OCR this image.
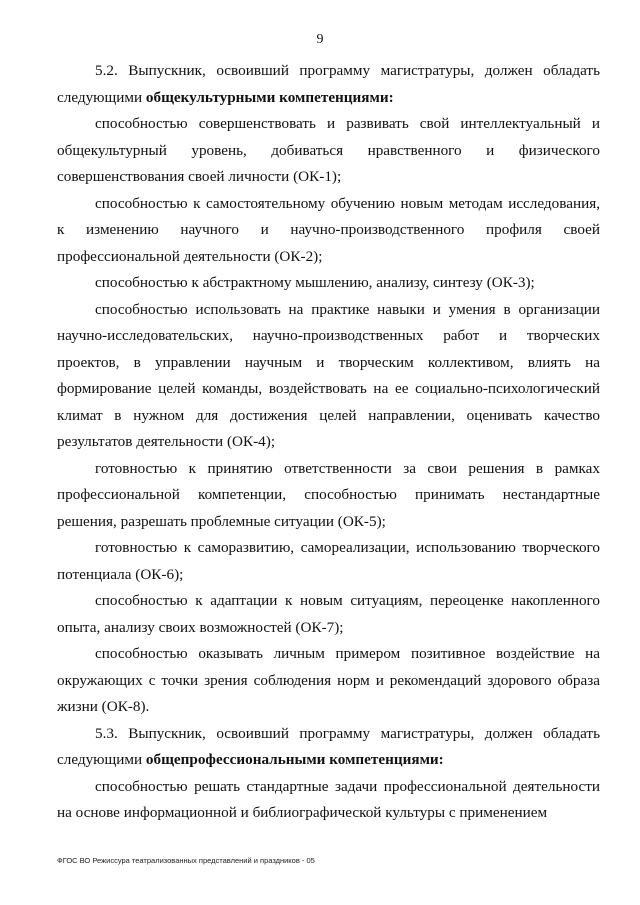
9

5.2. Выпускник, освоивший программу магистратуры, должен обладать следующими общекультурными компетенциями:

способностью совершенствовать и развивать свой интеллектуальный и общекультурный уровень, добиваться нравственного и физического совершенствования своей личности (ОК-1);

способностью к самостоятельному обучению новым методам исследования, к изменению научного и научно-производственного профиля своей профессиональной деятельности (ОК-2);

способностью к абстрактному мышлению, анализу, синтезу (ОК-3);

способностью использовать на практике навыки и умения в организации научно-исследовательских, научно-производственных работ и творческих проектов, в управлении научным и творческим коллективом, влиять на формирование целей команды, воздействовать на ее социально-психологический климат в нужном для достижения целей направлении, оценивать качество результатов деятельности (ОК-4);

готовностью к принятию ответственности за свои решения в рамках профессиональной компетенции, способностью принимать нестандартные решения, разрешать проблемные ситуации (ОК-5);

готовностью к саморазвитию, самореализации, использованию творческого потенциала (ОК-6);

способностью к адаптации к новым ситуациям, переоценке накопленного опыта, анализу своих возможностей (ОК-7);

способностью оказывать личным примером позитивное воздействие на окружающих с точки зрения соблюдения норм и рекомендаций здорового образа жизни (ОК-8).

5.3. Выпускник, освоивший программу магистратуры, должен обладать следующими общепрофессиональными компетенциями:

способностью решать стандартные задачи профессиональной деятельности на основе информационной и библиографической культуры с применением

ФГОС ВО Режиссура театрализованных представлений и праздников - 05
